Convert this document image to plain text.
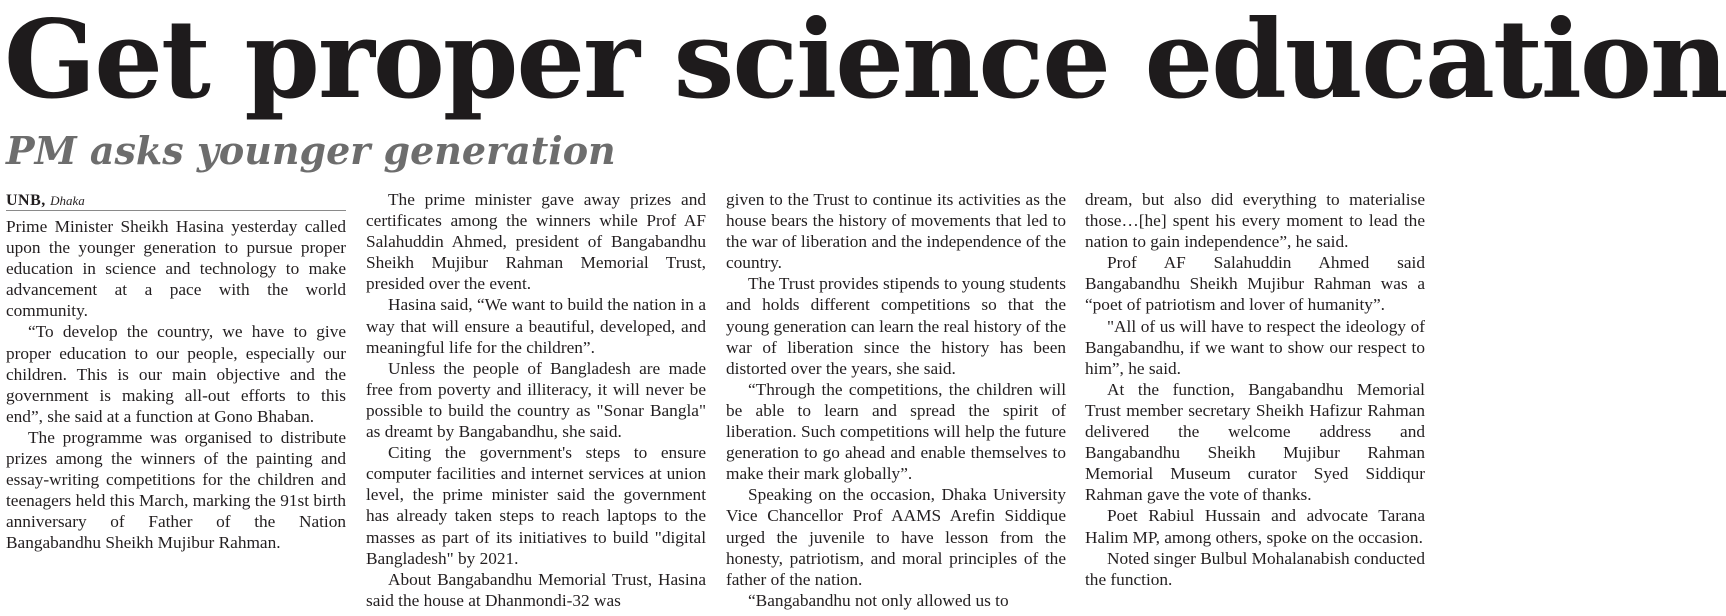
Get proper science education
PM asks younger generation
UNB, Dhaka

Prime Minister Sheikh Hasina yesterday called upon the younger generation to pursue proper education in science and technology to make advancement at a pace with the world community.

“To develop the country, we have to give proper education to our people, especially our children. This is our main objective and the government is making all-out efforts to this end”, she said at a function at Gono Bhaban.

The programme was organised to distribute prizes among the winners of the painting and essay-writing competitions for the children and teenagers held this March, marking the 91st birth anniversary of Father of the Nation Bangabandhu Sheikh Mujibur Rahman.

The prime minister gave away prizes and certificates among the winners while Prof AF Salahuddin Ahmed, president of Bangabandhu Sheikh Mujibur Rahman Memorial Trust, presided over the event.

Hasina said, “We want to build the nation in a way that will ensure a beautiful, developed, and meaningful life for the children”.

Unless the people of Bangladesh are made free from poverty and illiteracy, it will never be possible to build the country as "Sonar Bangla" as dreamt by Bangabandhu, she said.

Citing the government's steps to ensure computer facilities and internet services at union level, the prime minister said the government has already taken steps to reach laptops to the masses as part of its initiatives to build "digital Bangladesh" by 2021.

About Bangabandhu Memorial Trust, Hasina said the house at Dhanmondi-32 was

given to the Trust to continue its activities as the house bears the history of movements that led to the war of liberation and the independence of the country.

The Trust provides stipends to young students and holds different competitions so that the young generation can learn the real history of the war of liberation since the history has been distorted over the years, she said.

“Through the competitions, the children will be able to learn and spread the spirit of liberation. Such competitions will help the future generation to go ahead and enable themselves to make their mark globally”.

Speaking on the occasion, Dhaka University Vice Chancellor Prof AAMS Arefin Siddique urged the juvenile to have lesson from the honesty, patriotism, and moral principles of the father of the nation.

“Bangabandhu not only allowed us to

dream, but also did everything to materialise those…[he] spent his every moment to lead the nation to gain independence”, he said.

Prof AF Salahuddin Ahmed said Bangabandhu Sheikh Mujibur Rahman was a “poet of patriotism and lover of humanity”.

"All of us will have to respect the ideology of Bangabandhu, if we want to show our respect to him”, he said.

At the function, Bangabandhu Memorial Trust member secretary Sheikh Hafizur Rahman delivered the welcome address and Bangabandhu Sheikh Mujibur Rahman Memorial Museum curator Syed Siddiqur Rahman gave the vote of thanks.

Poet Rabiul Hussain and advocate Tarana Halim MP, among others, spoke on the occasion.

Noted singer Bulbul Mohalanabish conducted the function.
